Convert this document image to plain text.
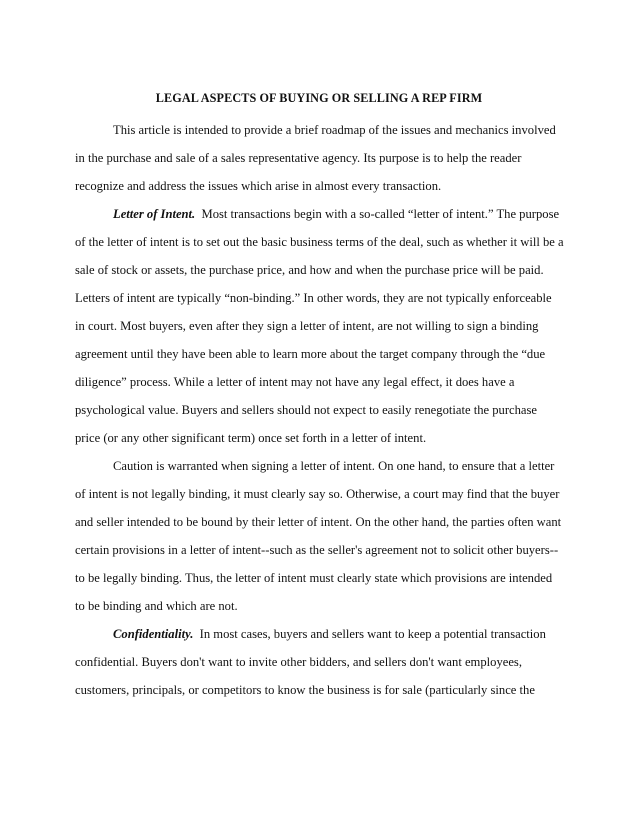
LEGAL ASPECTS OF BUYING OR SELLING A REP FIRM
This article is intended to provide a brief roadmap of the issues and mechanics involved
in the purchase and sale of a sales representative agency. Its purpose is to help the reader
recognize and address the issues which arise in almost every transaction.
Letter of Intent. Most transactions begin with a so-called “letter of intent.” The purpose
of the letter of intent is to set out the basic business terms of the deal, such as whether it will be a
sale of stock or assets, the purchase price, and how and when the purchase price will be paid.
Letters of intent are typically “non-binding.” In other words, they are not typically enforceable
in court. Most buyers, even after they sign a letter of intent, are not willing to sign a binding
agreement until they have been able to learn more about the target company through the “due
diligence” process. While a letter of intent may not have any legal effect, it does have a
psychological value. Buyers and sellers should not expect to easily renegotiate the purchase
price (or any other significant term) once set forth in a letter of intent.
Caution is warranted when signing a letter of intent. On one hand, to ensure that a letter
of intent is not legally binding, it must clearly say so. Otherwise, a court may find that the buyer
and seller intended to be bound by their letter of intent. On the other hand, the parties often want
certain provisions in a letter of intent--such as the seller's agreement not to solicit other buyers--
to be legally binding. Thus, the letter of intent must clearly state which provisions are intended
to be binding and which are not.
Confidentiality. In most cases, buyers and sellers want to keep a potential transaction
confidential. Buyers don't want to invite other bidders, and sellers don't want employees,
customers, principals, or competitors to know the business is for sale (particularly since the
